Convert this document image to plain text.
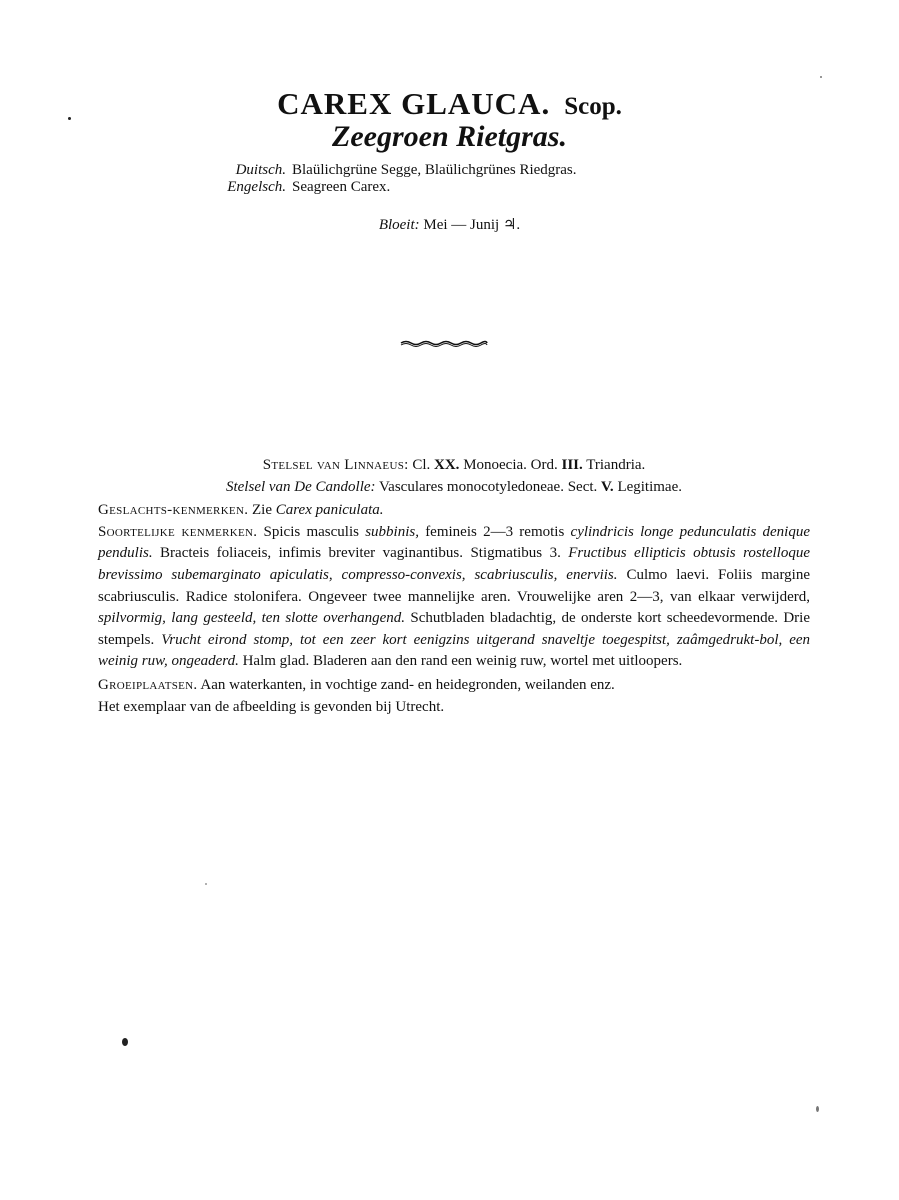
CAREX GLAUCA. Scop.
Zeegroen Rietgras.
Duitsch. Blaülichgrüne Segge, Blaülichgrünes Riedgras.
Engelsch. Seagreen Carex.
Bloeit: Mei — Junij ♃.

Stelsel van Linnaeus: Cl. XX. Monoecia. Ord. III. Triandria.

Stelsel van De Candolle: Vasculares monocotyledoneae. Sect. V. Legitimae.

Geslachts-kenmerken. Zie Carex paniculata.

Soortelijke kenmerken. Spicis masculis subbinis, femineis 2—3 remotis cylindricis longe pedunculatis denique pendulis. Bracteis foliaceis, infimis breviter vaginantibus. Stigmatibus 3. Fructibus ellipticis obtusis rostelloque brevissimo subemarginato apiculatis, compresso-convexis, scabriusculis, enerviis. Culmo laevi. Foliis margine scabriusculis. Radice stolonifera. Ongeveer twee mannelijke aren. Vrouwelijke aren 2—3, van elkaar verwijderd, spilvormig, lang gesteeld, ten slotte overhangend. Schutbladen bladachtig, de onderste kort scheedevormende. Drie stempels. Vrucht eirond stomp, tot een zeer kort eenigzins uitgerand snaveltje toegespitst, zaâmgedrukt-bol, een weinig ruw, ongeaderd. Halm glad. Bladeren aan den rand een weinig ruw, wortel met uitloopers.

Groeiplaatsen. Aan waterkanten, in vochtige zand- en heidegronden, weilanden enz.

Het exemplaar van de afbeelding is gevonden bij Utrecht.
